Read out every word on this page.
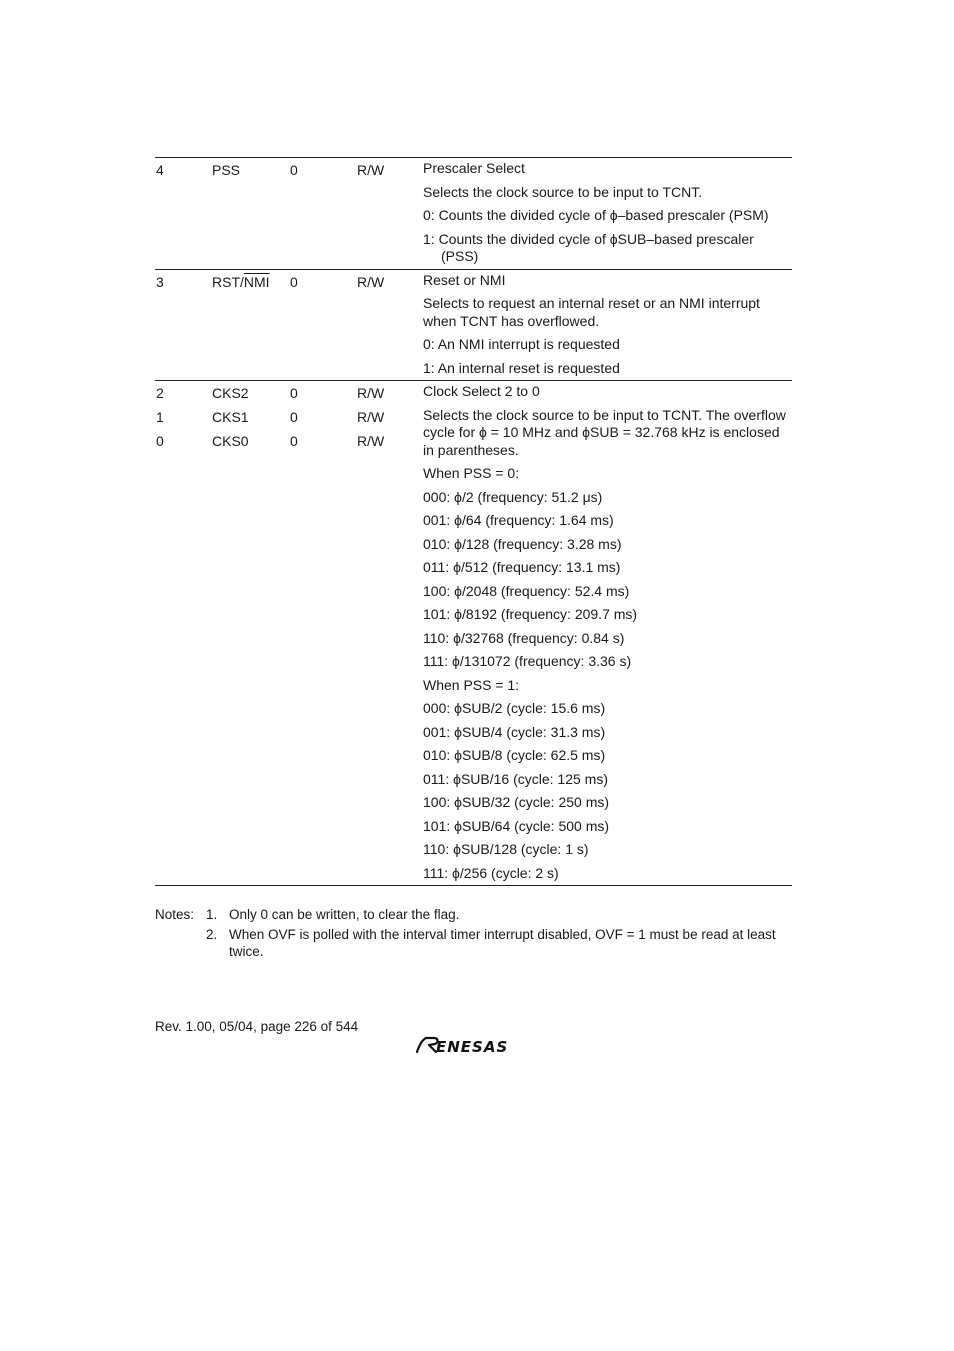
4	PSS	0	R/W	Prescaler Select

Selects the clock source to be input to TCNT.

0: Counts the divided cycle of ϕ–based prescaler (PSM)

1: Counts the divided cycle of ϕSUB–based prescaler (PSS)

3	RST/$\overline{NMI}$ 0	R/W	Reset or NMI

Selects to request an internal reset or an NMI interrupt when TCNT has overflowed.

0: An NMI interrupt is requested

1: An internal reset is requested

2	CKS2	0	R/W
1	CKS1	0	R/W
0	CKS0	0	R/W

Clock Select 2 to 0

Selects the clock source to be input to TCNT. The overflow cycle for ϕ = 10 MHz and ϕSUB = 32.768 kHz is enclosed in parentheses.

When PSS = 0:

000: ϕ/2 (frequency: 51.2 μs)

001: ϕ/64 (frequency: 1.64 ms)

010: ϕ/128 (frequency: 3.28 ms)

011: ϕ/512 (frequency: 13.1 ms)

100: ϕ/2048 (frequency: 52.4 ms)

101: ϕ/8192 (frequency: 209.7 ms)

110: ϕ/32768 (frequency: 0.84 s)

111: ϕ/131072 (frequency: 3.36 s)

When PSS = 1:

000: ϕSUB/2 (cycle: 15.6 ms)

001: ϕSUB/4 (cycle: 31.3 ms)

010: ϕSUB/8 (cycle: 62.5 ms)

011: ϕSUB/16 (cycle: 125 ms)

100: ϕSUB/32 (cycle: 250 ms)

101: ϕSUB/64 (cycle: 500 ms)

110: ϕSUB/128 (cycle: 1 s)

111: ϕ/256 (cycle: 2 s)

Notes: 1. Only 0 can be written, to clear the flag.
2. When OVF is polled with the interval timer interrupt disabled, OVF = 1 must be read at least twice.
Rev. 1.00, 05/04, page 226 of 544
ENESAS
